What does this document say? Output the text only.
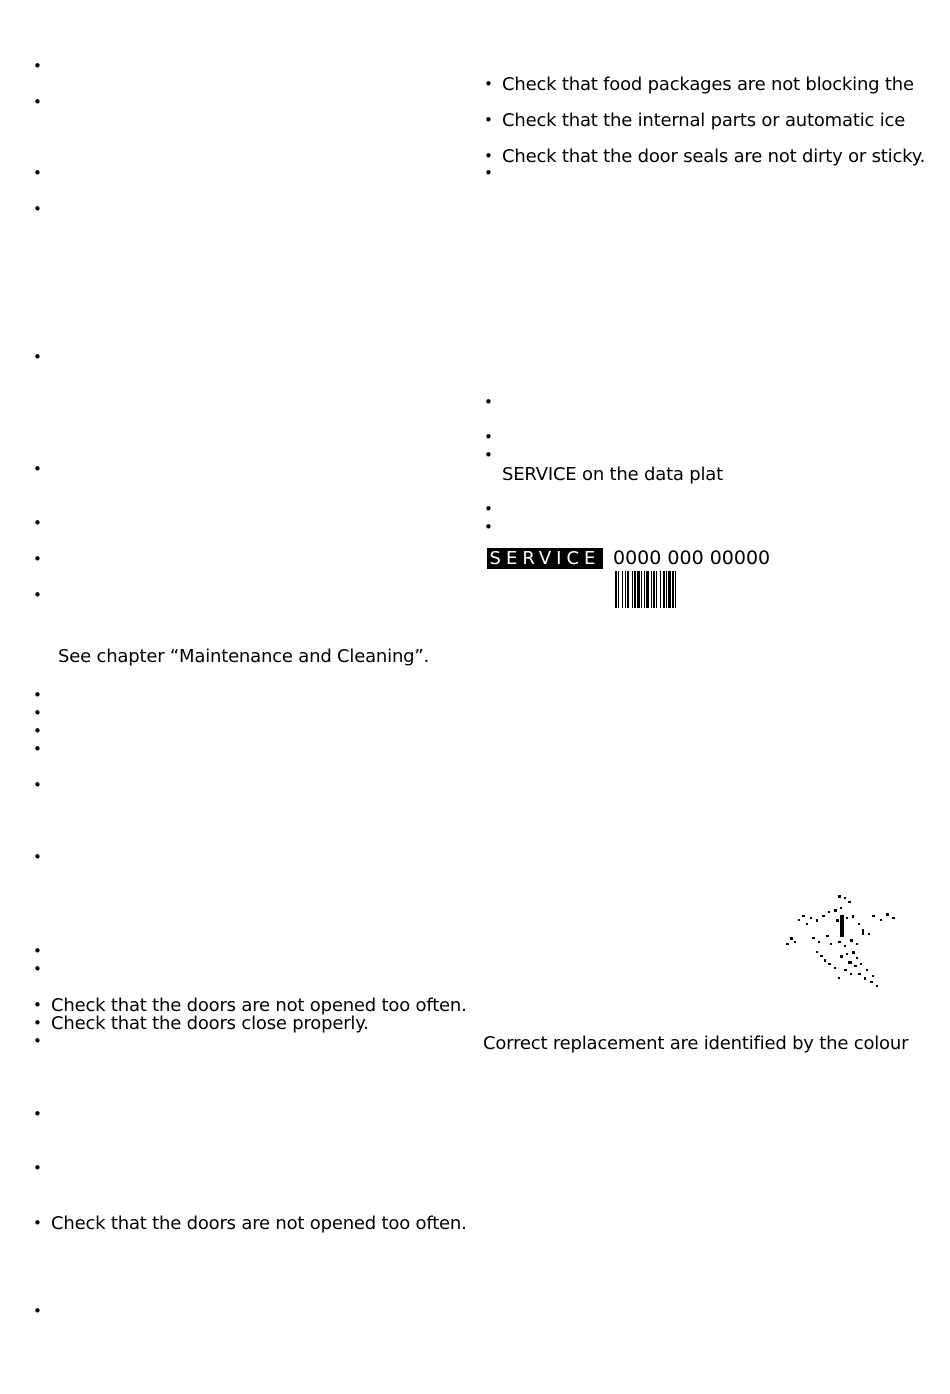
•
•
•
•
•
•
•
•
•
See chapter “Maintenance and Cleaning”.
•
•
•
•
•
•
•
•
• Check that the doors are not opened too often.
• Check that the doors close properly.
•
•
•
• Check that the doors are not opened too often.
•
• Check that food packages are not blocking the
• Check that the internal parts or automatic ice
• Check that the door seals are not dirty or sticky.
•
•
•
•
SERVICE on the data plat
•
•
SERVICE 0000 000 00000
Correct replacement are identified by the colour
